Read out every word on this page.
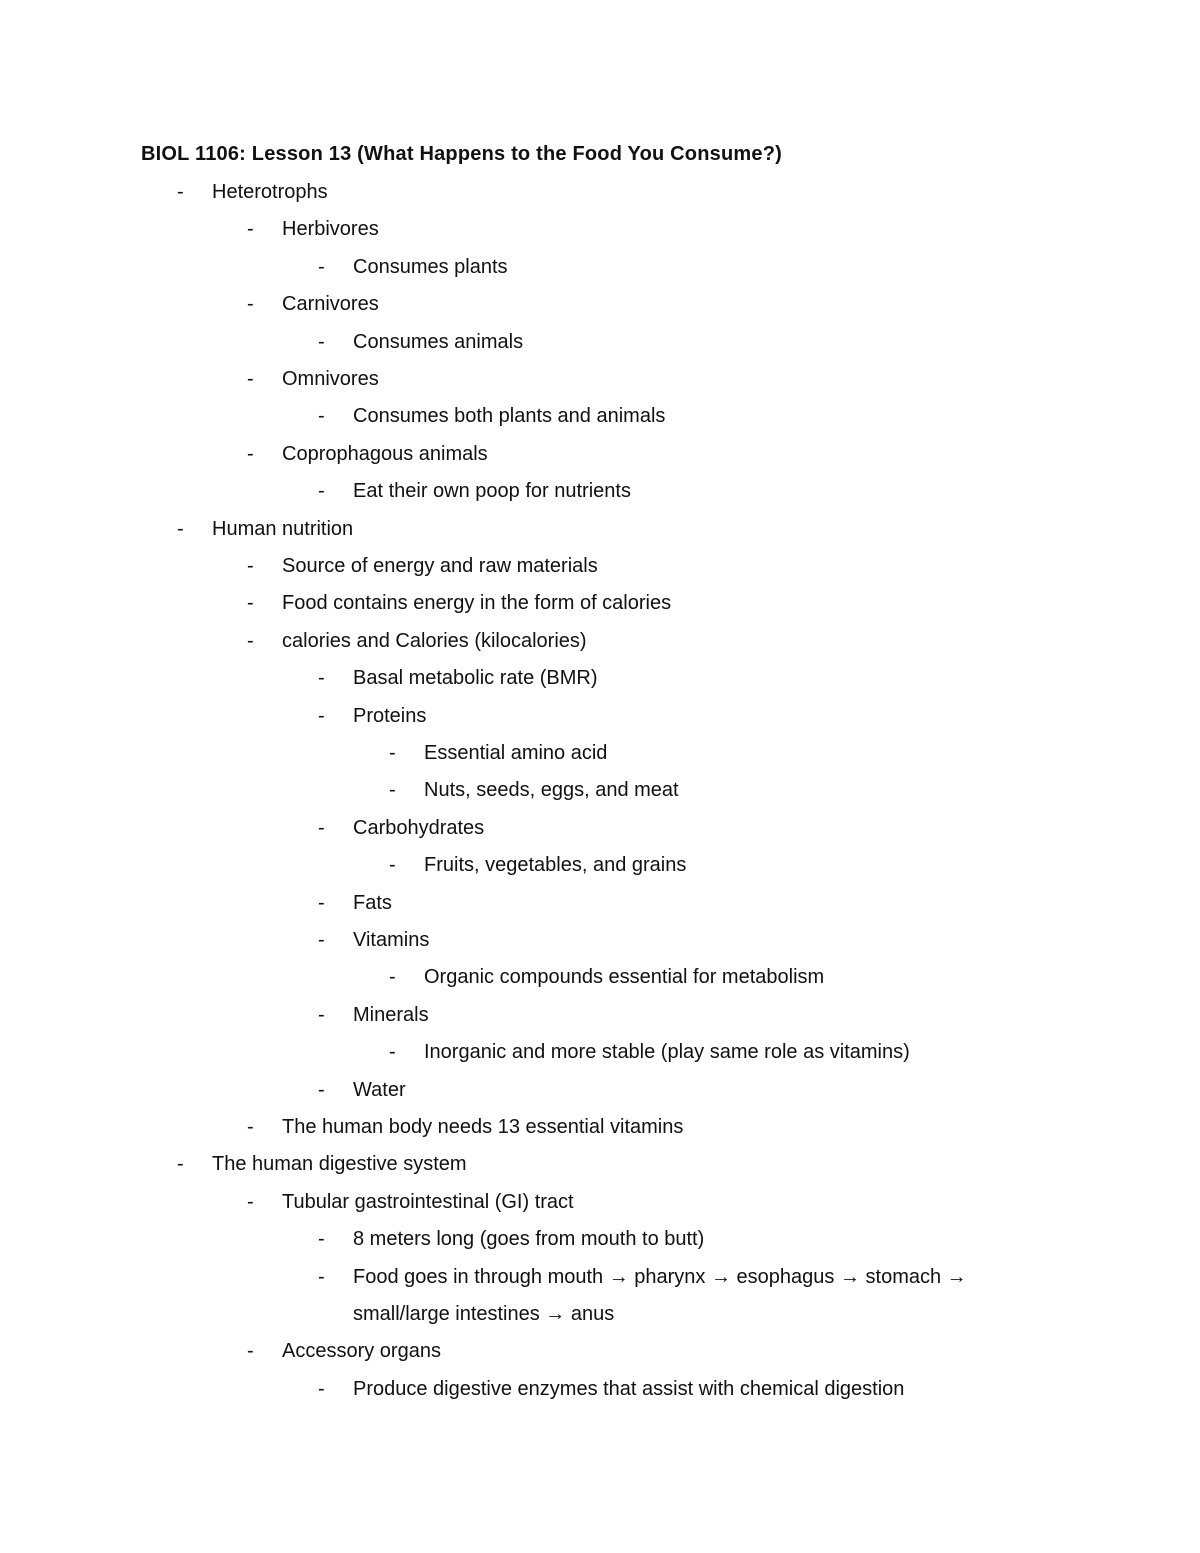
BIOL 1106: Lesson 13 (What Happens to the Food You Consume?)
-	Heterotrophs
-	Herbivores
-	Consumes plants
-	Carnivores
-	Consumes animals
-	Omnivores
-	Consumes both plants and animals
-	Coprophagous animals
-	Eat their own poop for nutrients
-	Human nutrition
-	Source of energy and raw materials
-	Food contains energy in the form of calories
-	calories and Calories (kilocalories)
-	Basal metabolic rate (BMR)
-	Proteins
-	Essential amino acid
-	Nuts, seeds, eggs, and meat
-	Carbohydrates
-	Fruits, vegetables, and grains
-	Fats
-	Vitamins
-	Organic compounds essential for metabolism
-	Minerals
-	Inorganic and more stable (play same role as vitamins)
-	Water
-	The human body needs 13 essential vitamins
-	The human digestive system
-	Tubular gastrointestinal (GI) tract
-	8 meters long (goes from mouth to butt)
-	Food goes in through mouth → pharynx → esophagus → stomach →
small/large intestines → anus
-	Accessory organs
-	Produce digestive enzymes that assist with chemical digestion
